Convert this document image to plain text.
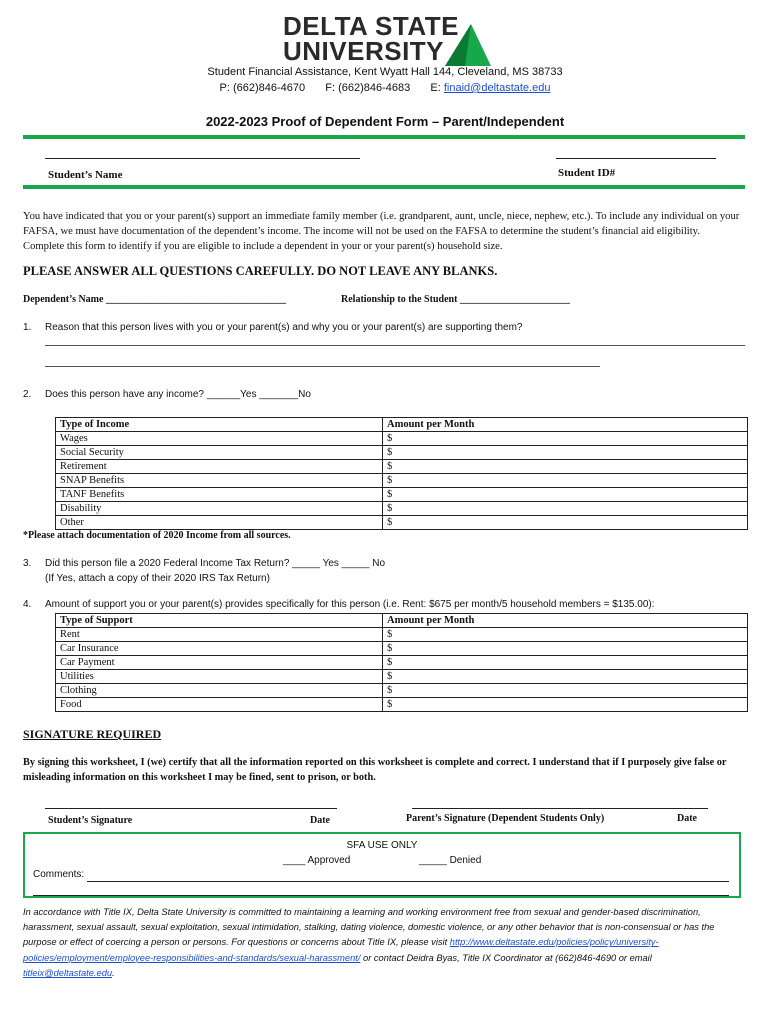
DELTA STATE
UNIVERSITY
Student Financial Assistance, Kent Wyatt Hall 144, Cleveland, MS 38733
P: (662)846-4670 F: (662)846-4683 E: finaid@deltastate.edu
2022-2023 Proof of Dependent Form – Parent/Independent
Student’s Name	Student ID#
You have indicated that you or your parent(s) support an immediate family member (i.e. grandparent, aunt, uncle, niece, nephew, etc.). To include any individual on your FAFSA, we must have documentation of the dependent’s income. The income will not be used on the FAFSA to determine the student’s financial aid eligibility. Complete this form to identify if you are eligible to include a dependent in your or your parent(s) household size.
PLEASE ANSWER ALL QUESTIONS CAREFULLY. DO NOT LEAVE ANY BLANKS.
Dependent’s Name ____________________________________	Relationship to the Student ______________________
1. Reason that this person lives with you or your parent(s) and why you or your parent(s) are supporting them?
2. Does this person have any income? ______Yes _______No
Type of Income	Amount per Month
Wages	$
Social Security	$
Retirement	$
SNAP Benefits	$
TANF Benefits	$
Disability	$
Other	$
*Please attach documentation of 2020 Income from all sources.
3. Did this person file a 2020 Federal Income Tax Return? _____ Yes _____ No
(If Yes, attach a copy of their 2020 IRS Tax Return)
4. Amount of support you or your parent(s) provides specifically for this person (i.e. Rent: $675 per month/5 household members = $135.00):
Type of Support	Amount per Month
Rent	$
Car Insurance	$
Car Payment	$
Utilities	$
Clothing	$
Food	$
SIGNATURE REQUIRED
By signing this worksheet, I (we) certify that all the information reported on this worksheet is complete and correct. I understand that if I purposely give false or misleading information on this worksheet I may be fined, sent to prison, or both.
Student’s Signature	Date	Parent’s Signature (Dependent Students Only)	Date
SFA USE ONLY
____ Approved	_____ Denied
Comments:
In accordance with Title IX, Delta State University is committed to maintaining a learning and working environment free from sexual and gender-based discrimination, harassment, sexual assault, sexual exploitation, sexual intimidation, stalking, dating violence, domestic violence, or any other behavior that is non-consensual or has the purpose or effect of coercing a person or persons. For questions or concerns about Title IX, please visit http://www.deltastate.edu/policies/policy/university-policies/employment/employee-responsibilities-and-standards/sexual-harassment/ or contact Deidra Byas, Title IX Coordinator at (662)846-4690 or email titleix@deltastate.edu.
